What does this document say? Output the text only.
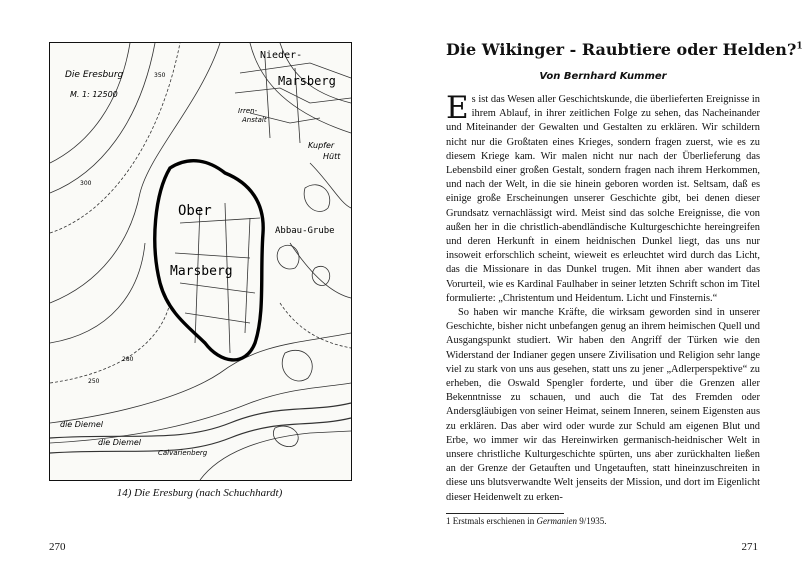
Die Eresburg
M. 1: 12500
Nieder-
Marsberg
Irren-
Anstalt
Kupfer
Hütt
Ober
Abbau-Grube
Marsberg
die Diemel
die Diemel
Calvarienberg
350
300
250
280
14) Die Eresburg (nach Schuchhardt)
270
Die Wikinger - Raubtiere oder Helden?$^1$
Von Bernhard Kummer

Es ist das Wesen aller Geschichtskunde, die überlieferten Ereignisse in ihrem Ablauf, in ihrer zeitlichen Folge zu sehen, das Nacheinander und Miteinander der Gewalten und Gestalten zu erklären. Wir schildern nicht nur die Großtaten eines Krieges, sondern fragen zuerst, wie es zu diesem Kriege kam. Wir malen nicht nur nach der Überlieferung das Lebensbild einer großen Gestalt, sondern fragen nach ihrem Herkommen, und nach der Welt, in die sie hinein geboren worden ist. Seltsam, daß es einige große Erscheinungen unserer Geschichte gibt, bei denen dieser Grundsatz vernachlässigt wird. Meist sind das solche Ereignisse, die von außen her in die christlich-abendländische Kulturgeschichte hereingreifen und deren Herkunft in einem heidnischen Dunkel liegt, das uns nur insoweit erforschlich scheint, wieweit es erleuchtet wird durch das Licht, das die Missionare in das Dunkel trugen. Mit ihnen aber wandert das Vorurteil, wie es Kardinal Faulhaber in seiner letzten Schrift schon im Titel formulierte: „Christentum und Heidentum. Licht und Finsternis.“

So haben wir manche Kräfte, die wirksam geworden sind in unserer Geschichte, bisher nicht unbefangen genug an ihrem heimischen Quell und Ausgangspunkt studiert. Wir haben den Angriff der Türken wie den Widerstand der Indianer gegen unsere Zivilisation und Religion sehr lange viel zu stark von uns aus gesehen, statt uns zu jener „Adlerperspektive“ zu erheben, die Oswald Spengler forderte, und über die Grenzen aller Bekenntnisse zu schauen, und auch die Tat des Fremden oder Andersgläubigen von seiner Heimat, seinem Inneren, seinem Eigensten aus zu erklären. Das aber wird oder wurde zur Schuld am eigenen Blut und Erbe, wo immer wir das Hereinwirken germanisch-heidnischer Welt in unsere christliche Kulturgeschichte spürten, uns aber zurückhalten ließen an der Grenze der Getauften und Ungetauften, statt hineinzuschreiten in diese uns blutsverwandte Welt jenseits der Mission, und dort im Eigenlicht dieser Heidenwelt zu erken-

1 Erstmals erschienen in Germanien 9/1935.
271
